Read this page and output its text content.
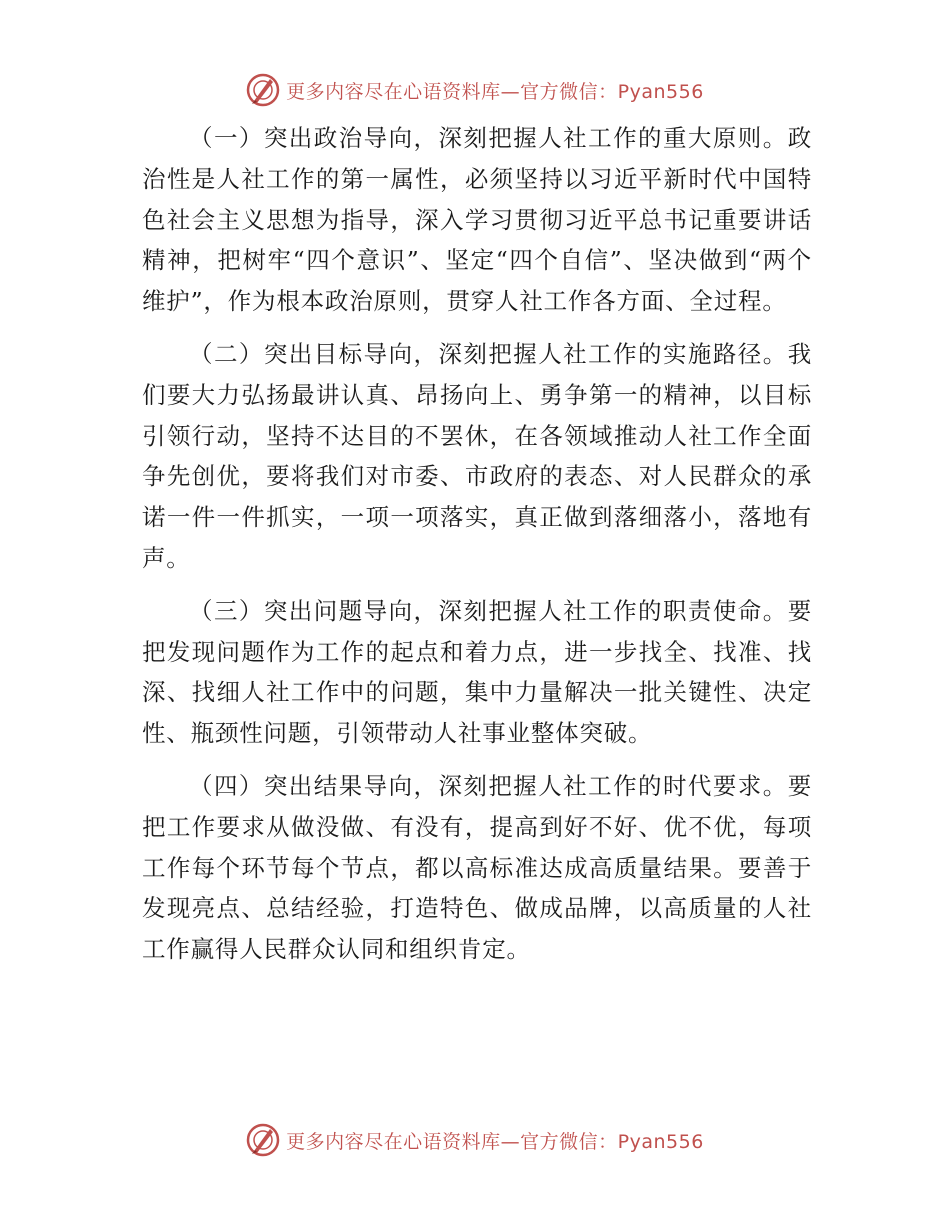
更多内容尽在心语资料库—官方微信：Pyan556

（一）突出政治导向，深刻把握人社工作的重大原则。政治性是人社工作的第一属性，必须坚持以习近平新时代中国特色社会主义思想为指导，深入学习贯彻习近平总书记重要讲话精神，把树牢“四个意识”、坚定“四个自信”、坚决做到“两个维护”，作为根本政治原则，贯穿人社工作各方面、全过程。

（二）突出目标导向，深刻把握人社工作的实施路径。我们要大力弘扬最讲认真、昂扬向上、勇争第一的精神，以目标引领行动，坚持不达目的不罢休，在各领域推动人社工作全面争先创优，要将我们对市委、市政府的表态、对人民群众的承诺一件一件抓实，一项一项落实，真正做到落细落小，落地有声。

（三）突出问题导向，深刻把握人社工作的职责使命。要把发现问题作为工作的起点和着力点，进一步找全、找准、找深、找细人社工作中的问题，集中力量解决一批关键性、决定性、瓶颈性问题，引领带动人社事业整体突破。

（四）突出结果导向，深刻把握人社工作的时代要求。要把工作要求从做没做、有没有，提高到好不好、优不优，每项工作每个环节每个节点，都以高标准达成高质量结果。要善于发现亮点、总结经验，打造特色、做成品牌，以高质量的人社工作赢得人民群众认同和组织肯定。

更多内容尽在心语资料库—官方微信：Pyan556
